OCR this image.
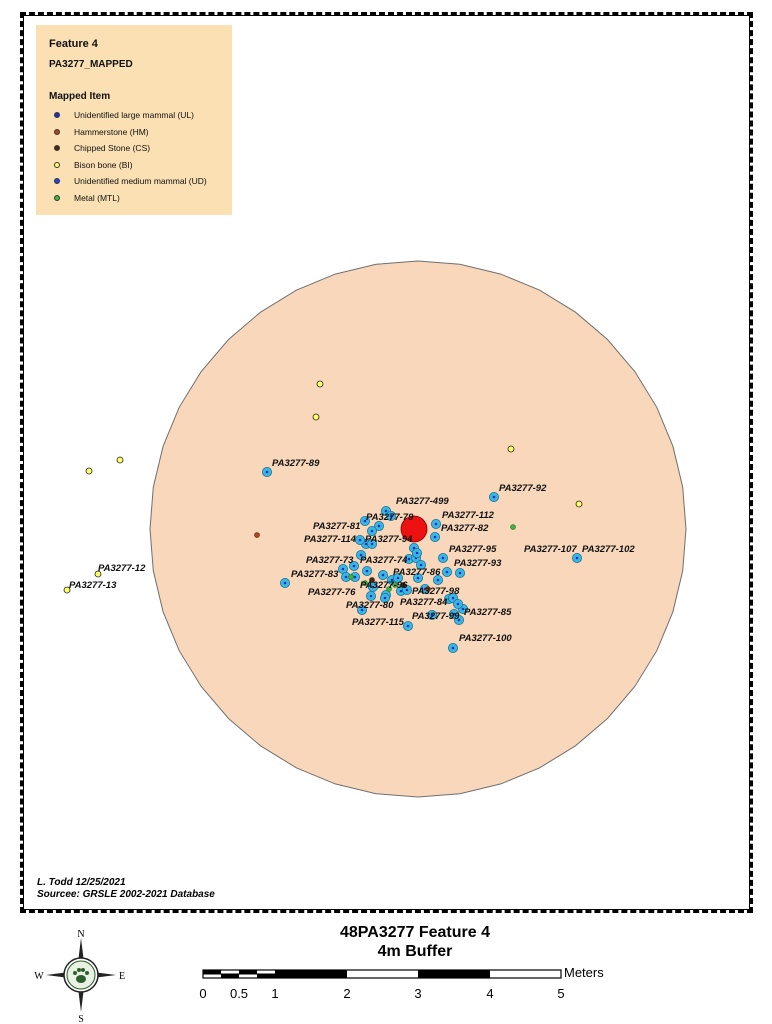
PA3277-89
PA3277-499
PA3277-79
PA3277-92
PA3277-112
PA3277-81	PA3277-82
PA3277-114 PA3277-94
PA3277-95	PA3277-107 PA3277-102
PA3277-73 PA3277-74	PA3277-93
PA3277-83	PA3277-86
PA3277-96
PA3277-76	PA3277-98
PA3277-80 PA3277-84
PA3277-85
PA3277-99
PA3277-115
PA3277-100
PA3277-12
PA3277-13
Feature 4
PA3277_MAPPED
Mapped Item
Unidentified large mammal (UL)
Hammerstone (HM)
Chipped Stone (CS)
Bison bone (BI)
Unidentified medium mammal (UD)
Metal (MTL)
L. Todd 12/25/2021
Sourcee: GRSLE 2002-2021 Database
48PA3277 Feature 4
4m Buffer
0 0.5 1	2	3	4	5
Meters
N
S
W	E
